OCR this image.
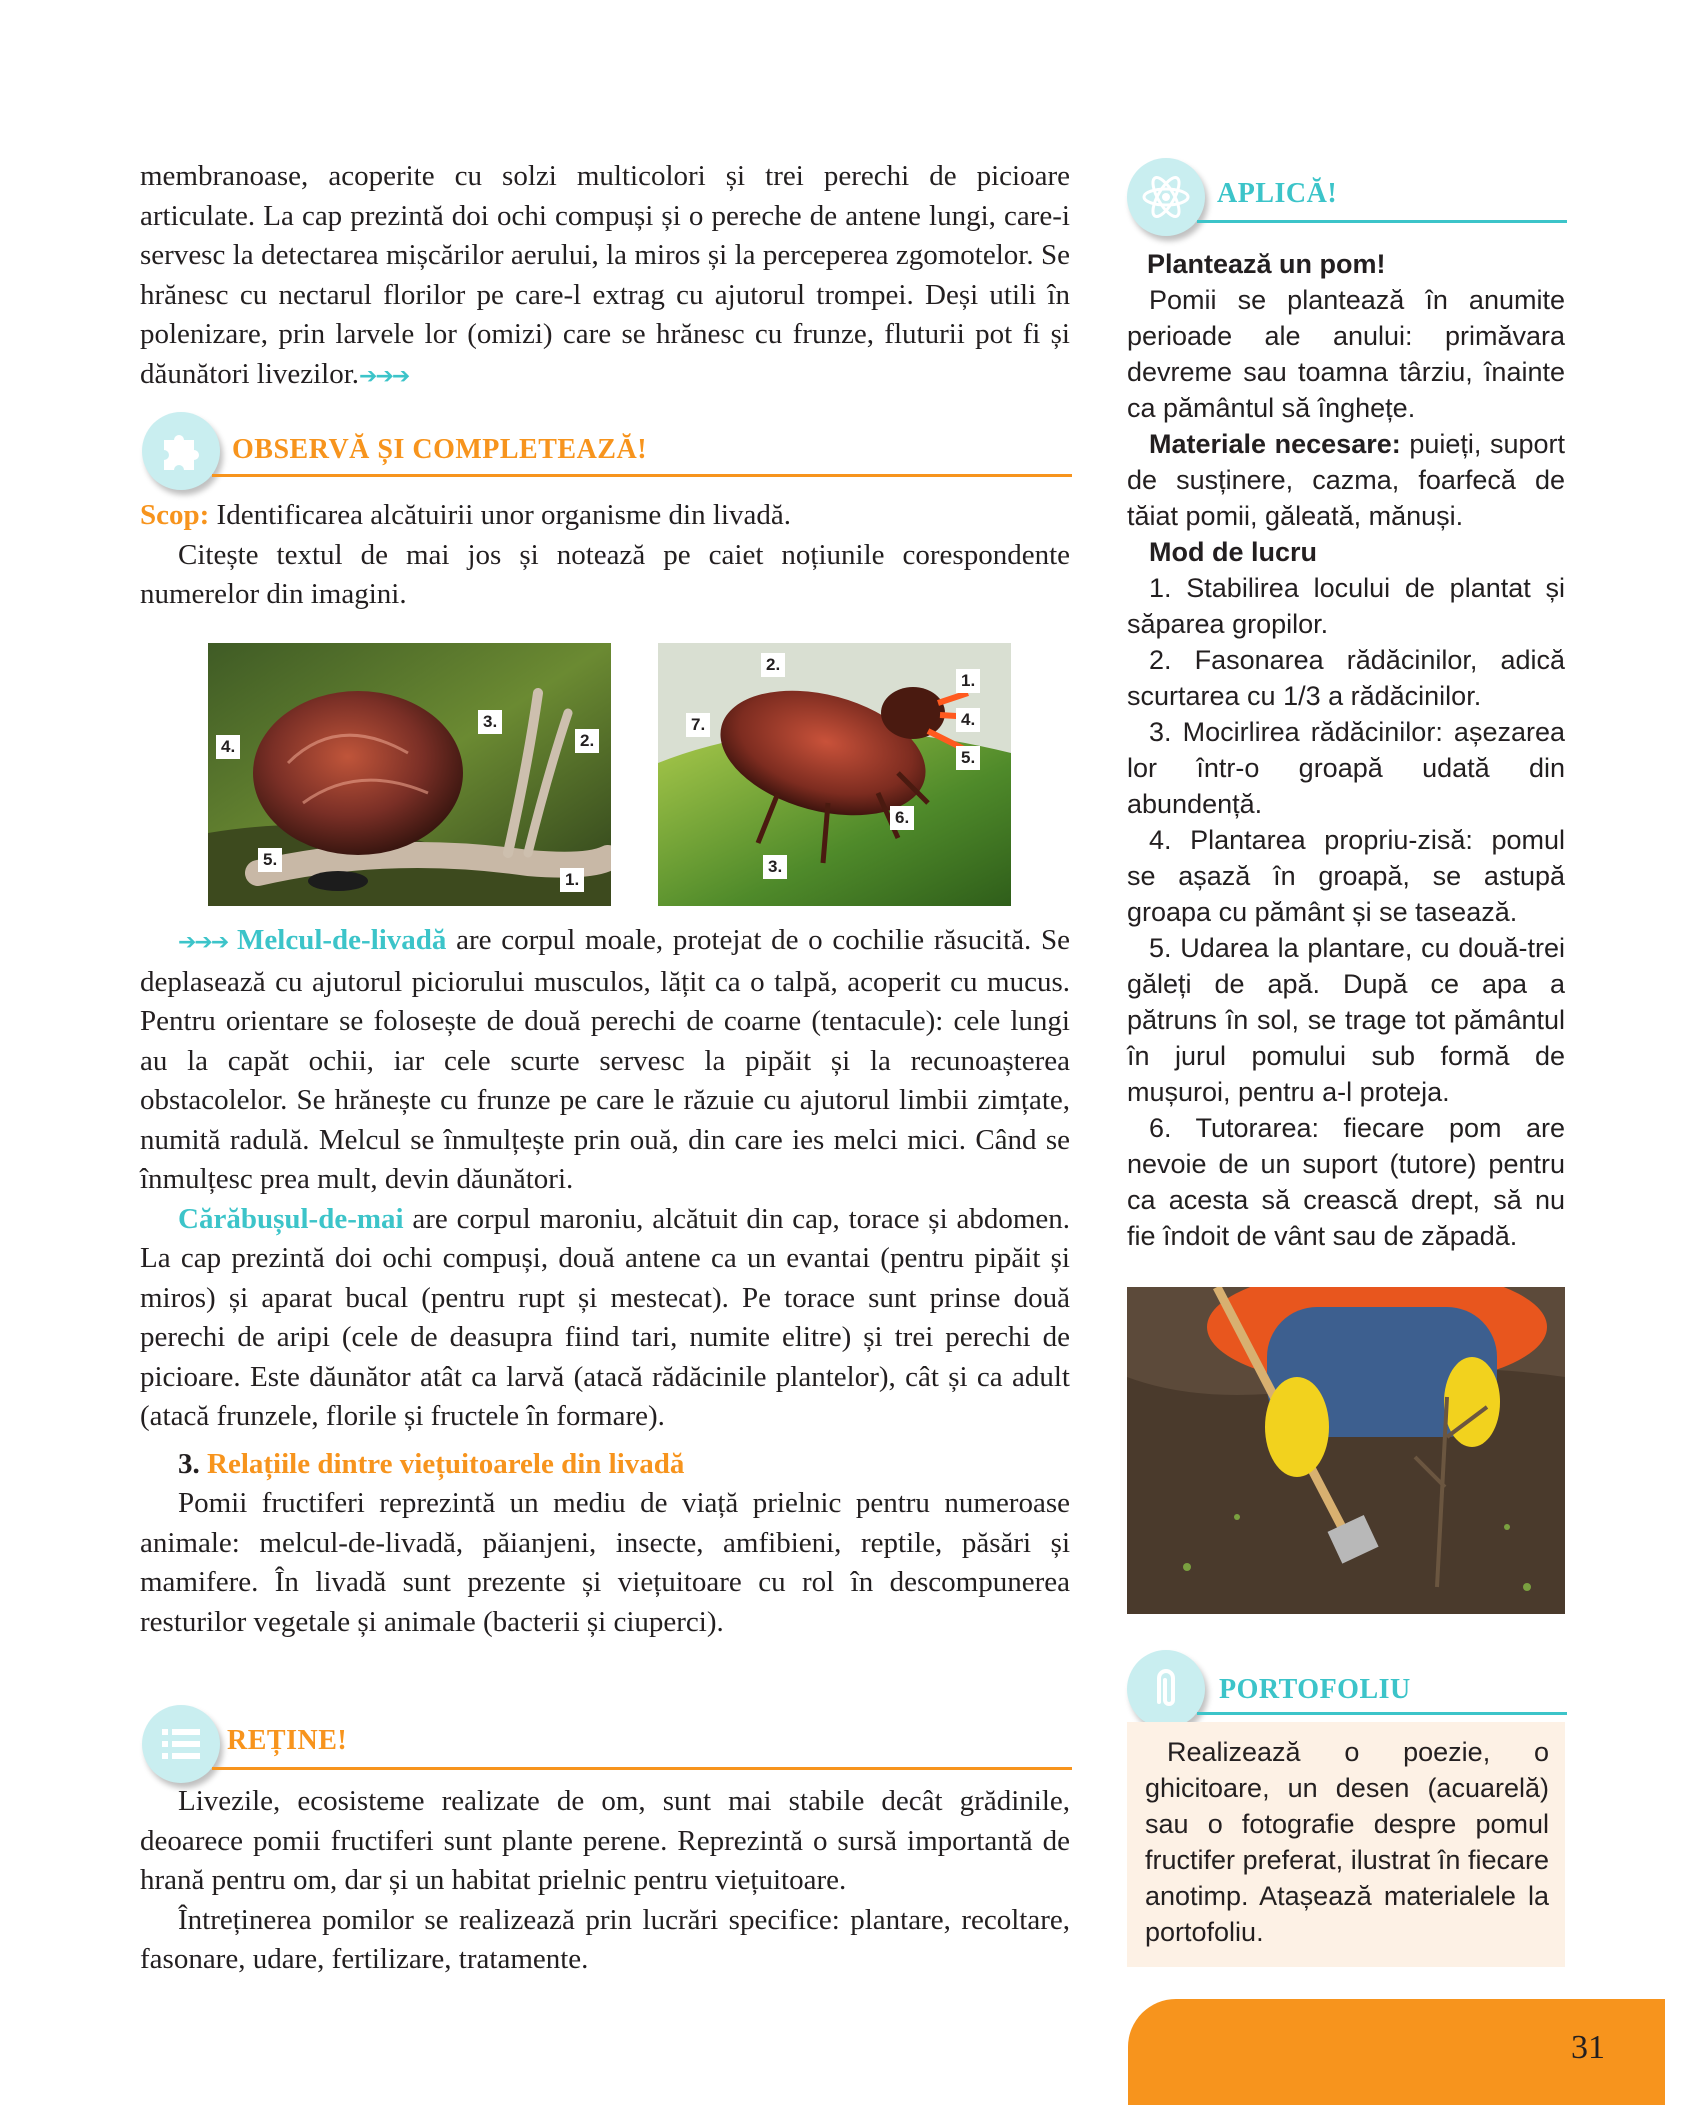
membranoase, acoperite cu solzi multicolori și trei perechi de picioare articulate. La cap prezintă doi ochi compuși și o pereche de antene lungi, care-i servesc la detectarea mișcărilor aerului, la miros și la perceperea zgomotelor. Se hrănesc cu nectarul florilor pe care-l extrag cu ajutorul trompei. Deși utili în polenizare, prin larvele lor (omizi) care se hrănesc cu frunze, fluturii pot fi și dăunători livezilor.➔➔➔

OBSERVĂ ȘI COMPLETEAZĂ!

Scop: Identificarea alcătuirii unor organisme din livadă.

Citește textul de mai jos și notează pe caiet noțiunile corespondente numerelor din imagini.

1.
2.
3.
4.
5.
1.
2.
3.
4.
5.
6.
7.

➔➔➔ Melcul-de-livadă are corpul moale, protejat de o cochilie răsucită. Se deplasează cu ajutorul piciorului musculos, lățit ca o talpă, acoperit cu mucus. Pentru orientare se folosește de două perechi de coarne (tentacule): cele lungi au la capăt ochii, iar cele scurte servesc la pipăit și la recunoașterea obstacolelor. Se hrănește cu frunze pe care le răzuie cu ajutorul limbii zimțate, numită radulă. Melcul se înmulțește prin ouă, din care ies melci mici. Când se înmulțesc prea mult, devin dăunători.

Cărăbușul-de-mai are corpul maroniu, alcătuit din cap, torace și abdomen. La cap prezintă doi ochi compuși, două antene ca un evantai (pentru pipăit și miros) și aparat bucal (pentru rupt și mestecat). Pe torace sunt prinse două perechi de aripi (cele de deasupra fiind tari, numite elitre) și trei perechi de picioare. Este dăunător atât ca larvă (atacă rădăcinile plantelor), cât și ca adult (atacă frunzele, florile și fructele în formare).

3. Relațiile dintre viețuitoarele din livadă

Pomii fructiferi reprezintă un mediu de viață prielnic pentru numeroase animale: melcul-de-livadă, păianjeni, insecte, amfibieni, reptile, păsări și mamifere. În livadă sunt prezente și viețuitoare cu rol în descompunerea resturilor vegetale și animale (bacterii și ciuperci).

REȚINE!

Livezile, ecosisteme realizate de om, sunt mai stabile decât grădinile, deoarece pomii fructiferi sunt plante perene. Reprezintă o sursă importantă de hrană pentru om, dar și un habitat prielnic pentru viețuitoare.

Întreținerea pomilor se realizează prin lucrări specifice: plantare, recoltare, fasonare, udare, fertilizare, tratamente.

APLICĂ!

Plantează un pom!

Pomii se plantează în anumite perioade ale anului: primăvara devreme sau toamna târziu, înainte ca pământul să înghețe.

Materiale necesare: puieți, suport de susținere, cazma, foarfecă de tăiat pomii, găleată, mănuși.

Mod de lucru

1. Stabilirea locului de plantat și săparea gropilor.

2. Fasonarea rădăcinilor, adică scurtarea cu 1/3 a rădăcinilor.

3. Mocirlirea rădăcinilor: așezarea lor într-o groapă udată din abundență.

4. Plantarea propriu-zisă: pomul se așază în groapă, se astupă groapa cu pământ și se tasează.

5. Udarea la plantare, cu două-trei găleți de apă. După ce apa a pătruns în sol, se trage tot pământul în jurul pomului sub formă de mușuroi, pentru a-l proteja.

6. Tutorarea: fiecare pom are nevoie de un suport (tutore) pentru ca acesta să crească drept, să nu fie îndoit de vânt sau de zăpadă.

PORTOFOLIU

Realizează o poezie, o ghicitoare, un desen (acuarelă) sau o fotografie despre pomul fructifer preferat, ilustrat în fiecare anotimp. Atașează materialele la portofoliu.

31
